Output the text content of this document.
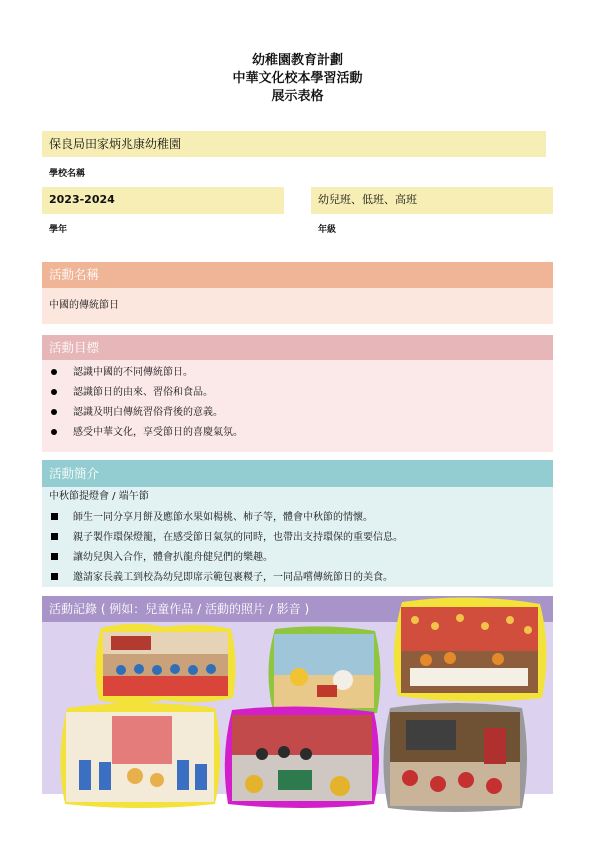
幼稚園教育計劃
中華文化校本學習活動
展示表格
保良局田家炳兆康幼稚園
學校名稱
2023-2024	幼兒班、低班、高班
學年	年級
活動名稱
中國的傳統節日
活動目標
認識中國的不同傳統節日。
認識節日的由來、習俗和食品。
認識及明白傳統習俗背後的意義。
感受中華文化，享受節日的喜慶氣氛。
活動簡介
中秋節提燈會 / 端午節
師生一同分享月餅及應節水果如楊桃、柿子等，體會中秋節的情懷。
親子製作環保燈籠，在感受節日氣氛的同時，也帶出支持環保的重要信息。
讓幼兒與入合作，體會扒龍舟健兒們的樂趣。
邀請家長義工到校為幼兒即席示範包裹糉子，一同品嚐傳統節日的美食。
活動記錄 ( 例如：兒童作品 / 活動的照片 / 影音 )
